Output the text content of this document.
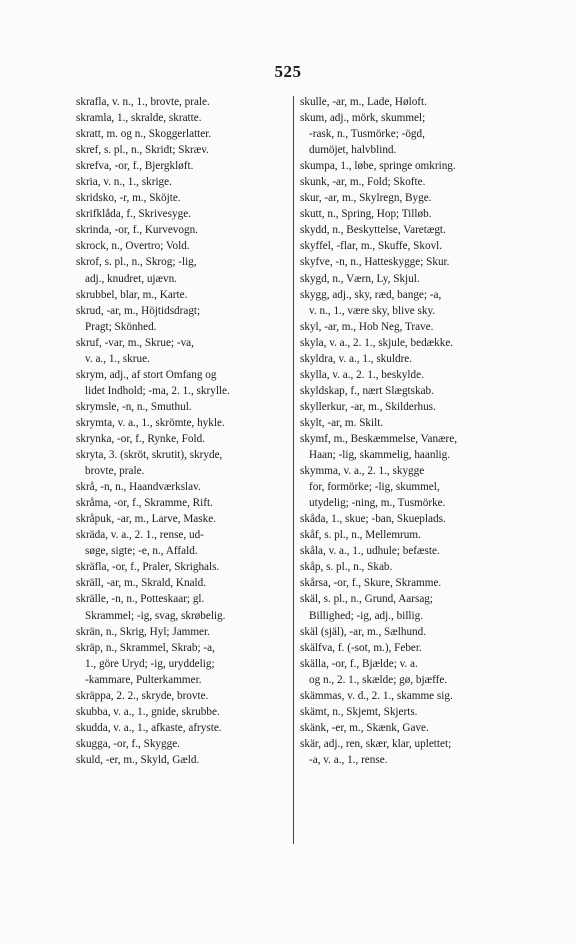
525
skrafla, v. n., 1., brovte, prale.
skramla, 1., skralde, skratte.
skratt, m. og n., Skoggerlatter.
skref, s. pl., n., Skridt; Skræv.
skrefva, -or, f., Bjergkløft.
skria, v. n., 1., skrige.
skridsko, -r, m., Sköjte.
skrifklåda, f., Skrivesyge.
skrinda, -or, f., Kurvevogn.
skrock, n., Overtro; Vold.
skrof, s. pl., n., Skrog; -lig,
adj., knudret, ujævn.
skrubbel, blar, m., Karte.
skrud, -ar, m., Höjtidsdragt;
Pragt; Skönhed.
skruf, -var, m., Skrue; -va,
v. a., 1., skrue.
skrym, adj., af stort Omfang og
lidet Indhold; -ma, 2. 1., skrylle.
skrymsle, -n, n., Smuthul.
skrymta, v. a., 1., skrömte, hykle.
skrynka, -or, f., Rynke, Fold.
skryta, 3. (skröt, skrutit), skryde,
brovte, prale.
skrå, -n, n., Haandværkslav.
skråma, -or, f., Skramme, Rift.
skråpuk, -ar, m., Larve, Maske.
skräda, v. a., 2. 1., rense, ud-
søge, sigte; -e, n., Affald.
skräfla, -or, f., Praler, Skrighals.
skräll, -ar, m., Skrald, Knald.
skrälle, -n, n., Potteskaar; gl.
Skrammel; -ig, svag, skrøbelig.
skrän, n., Skrig, Hyl; Jammer.
skräp, n., Skrammel, Skrab; -a,
1., göre Uryd; -ig, uryddelig;
-kammare, Pulterkammer.
skräppa, 2. 2., skryde, brovte.
skubba, v. a., 1., gnide, skrubbe.
skudda, v. a., 1., afkaste, afryste.
skugga, -or, f., Skygge.
skuld, -er, m., Skyld, Gæld.
skulle, -ar, m., Lade, Høloft.
skum, adj., mörk, skummel;
-rask, n., Tusmörke; -ögd,
dumöjet, halvblind.
skumpa, 1., løbe, springe omkring.
skunk, -ar, m., Fold; Skofte.
skur, -ar, m., Skylregn, Byge.
skutt, n., Spring, Hop; Tilløb.
skydd, n., Beskyttelse, Varetægt.
skyffel, -flar, m., Skuffe, Skovl.
skyfve, -n, n., Hatteskygge; Skur.
skygd, n., Værn, Ly, Skjul.
skygg, adj., sky, ræd, bange; -a,
v. n., 1., være sky, blive sky.
skyl, -ar, m., Hob Neg, Trave.
skyla, v. a., 2. 1., skjule, bedække.
skyldra, v. a., 1., skuldre.
skylla, v. a., 2. 1., beskylde.
skyldskap, f., nært Slægtskab.
skyllerkur, -ar, m., Skilderhus.
skylt, -ar, m. Skilt.
skymf, m., Beskæmmelse, Vanære,
Haan; -lig, skammelig, haanlig.
skymma, v. a., 2. 1., skygge
for, formörke; -lig, skummel,
utydelig; -ning, m., Tusmörke.
skåda, 1., skue; -ban, Skueplads.
skåf, s. pl., n., Mellemrum.
skåla, v. a., 1., udhule; befæste.
skåp, s. pl., n., Skab.
skårsa, -or, f., Skure, Skramme.
skäl, s. pl., n., Grund, Aarsag;
Billighed; -ig, adj., billig.
skäl (själ), -ar, m., Sælhund.
skälfva, f. (-sot, m.), Feber.
skälla, -or, f., Bjælde; v. a.
og n., 2. 1., skælde; gø, bjæffe.
skämmas, v. d., 2. 1., skamme sig.
skämt, n., Skjemt, Skjerts.
skänk, -er, m., Skænk, Gave.
skär, adj., ren, skær, klar, uplettet;
-a, v. a., 1., rense.
